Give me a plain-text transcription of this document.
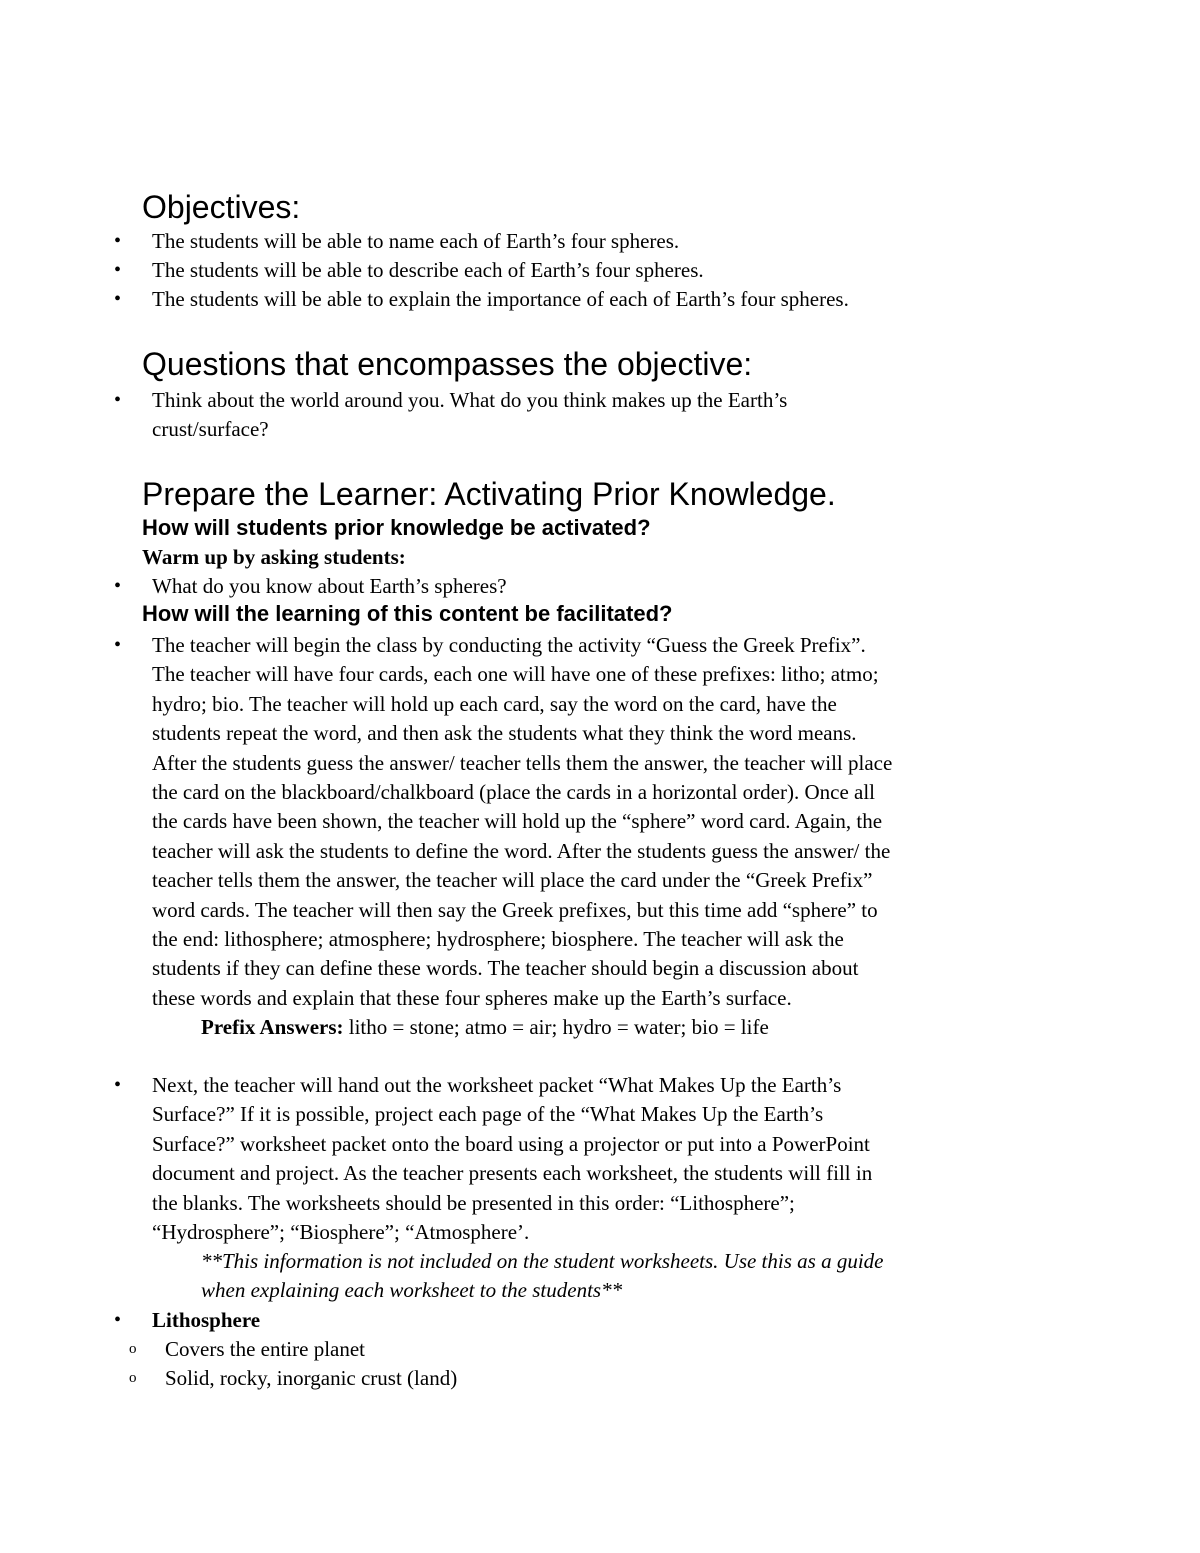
Objectives:
•
The students will be able to name each of Earth’s four spheres.
•
The students will be able to describe each of Earth’s four spheres.
•
The students will be able to explain the importance of each of Earth’s four spheres.
Questions that encompasses the objective:
•
Think about the world around you. What do you think makes up the Earth’s
crust/surface?
Prepare the Learner: Activating Prior Knowledge.
How will students prior knowledge be activated?
Warm up by asking students:
•
What do you know about Earth’s spheres?
How will the learning of this content be facilitated?
•
The teacher will begin the class by conducting the activity “Guess the Greek Prefix”.
The teacher will have four cards, each one will have one of these prefixes: litho; atmo;
hydro; bio. The teacher will hold up each card, say the word on the card, have the
students repeat the word, and then ask the students what they think the word means.
After the students guess the answer/ teacher tells them the answer, the teacher will place
the card on the blackboard/chalkboard (place the cards in a horizontal order). Once all
the cards have been shown, the teacher will hold up the “sphere” word card. Again, the
teacher will ask the students to define the word. After the students guess the answer/ the
teacher tells them the answer, the teacher will place the card under the “Greek Prefix”
word cards. The teacher will then say the Greek prefixes, but this time add “sphere” to
the end: lithosphere; atmosphere; hydrosphere; biosphere. The teacher will ask the
students if they can define these words. The teacher should begin a discussion about
these words and explain that these four spheres make up the Earth’s surface.
Prefix Answers: litho = stone; atmo = air; hydro = water; bio = life
•
Next, the teacher will hand out the worksheet packet “What Makes Up the Earth’s
Surface?” If it is possible, project each page of the “What Makes Up the Earth’s
Surface?” worksheet packet onto the board using a projector or put into a PowerPoint
document and project. As the teacher presents each worksheet, the students will fill in
the blanks. The worksheets should be presented in this order: “Lithosphere”;
“Hydrosphere”; “Biosphere”; “Atmosphere’.
**This information is not included on the student worksheets. Use this as a guide
when explaining each worksheet to the students**
•
Lithosphere
o
Covers the entire planet
o
Solid, rocky, inorganic crust (land)
